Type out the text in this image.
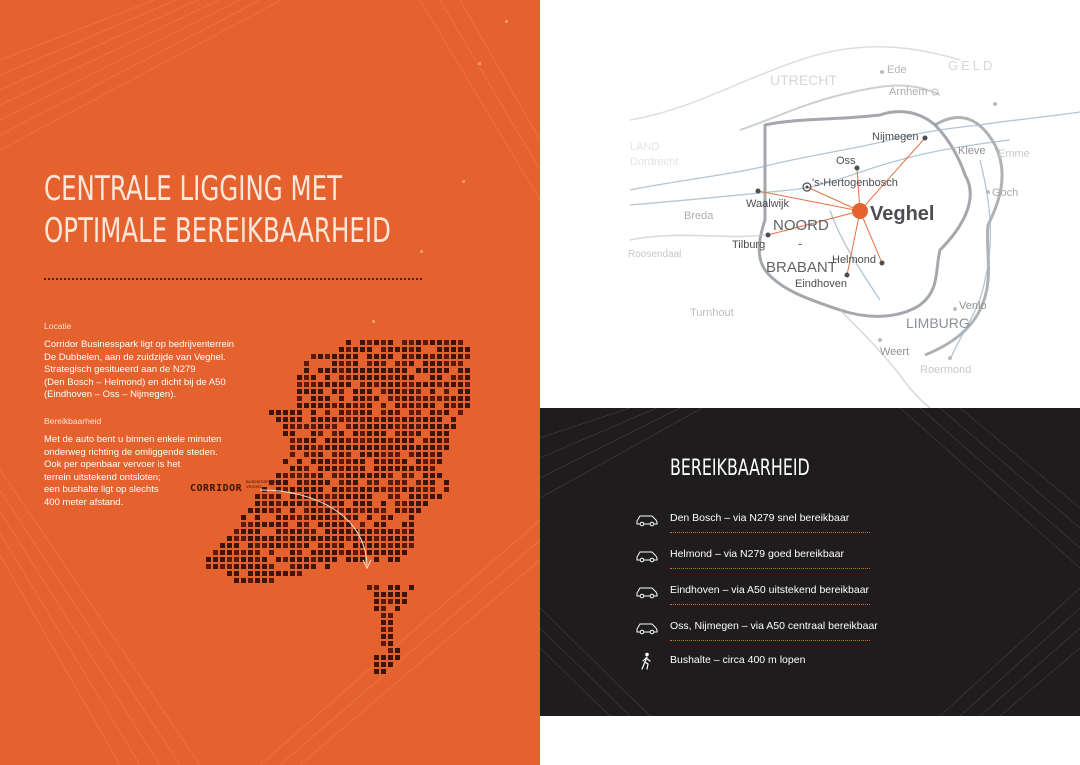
CENTRALE LIGGING MET
OPTIMALE BEREIKBAARHEID
Locatie
Corridor Businesspark ligt op bedrijventerrein
De Dubbelen, aan de zuidzijde van Veghel.
Strategisch gesitueerd aan de N279
(Den Bosch – Helmond) en dicht bij de A50
(Eindhoven – Oss – Nijmegen).
Bereikbaarheid
Met de auto bent u binnen enkele minuten
onderweg richting de omliggende steden.
Ook per openbaar vervoer is het
terrein uitstekend ontsloten;
een bushalte ligt op slechts
400 meter afstand.
CORRIDOR
BUSINESSPARK
VEGHEL
UTRECHT
Ede	GELD
Arnhem
Nijmegen
Kleve Emme
Oss
's-Hertogenbosch
Goch
LAND
Dordrecht
Waalwijk	Veghel
Breda
NOORD
-
Tilburg
Roosendaal
BRABANT
Helmond
Eindhoven
Turnhout
Venlo
LIMBURG
Weert
Roermond
BEREIKBAARHEID
Den Bosch – via N279 snel bereikbaar
Helmond – via N279 goed bereikbaar
Eindhoven – via A50 uitstekend bereikbaar
Oss, Nijmegen – via A50 centraal bereikbaar
Bushalte – circa 400 m lopen
